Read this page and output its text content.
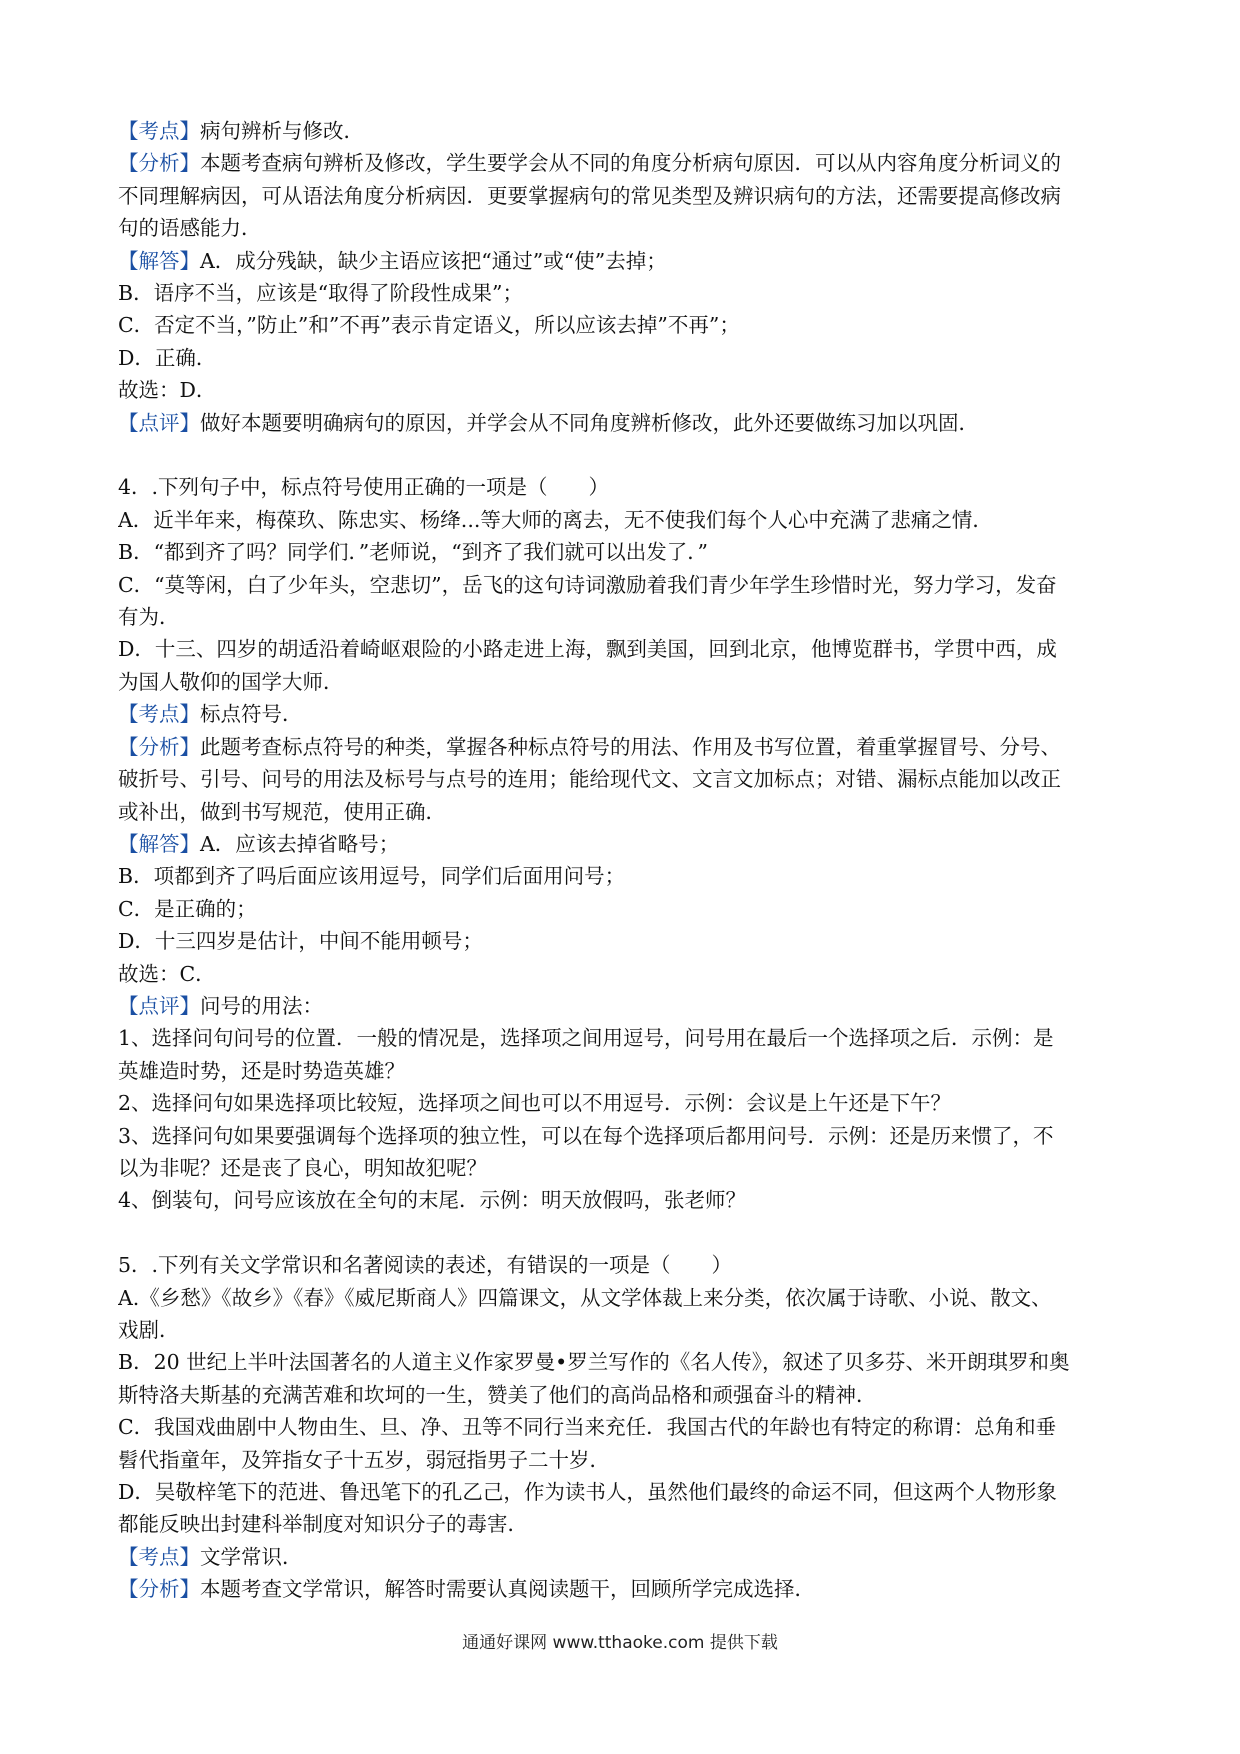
【考点】病句辨析与修改．
【分析】本题考查病句辨析及修改，学生要学会从不同的角度分析病句原因．可以从内容角度分析词义的
不同理解病因，可从语法角度分析病因．更要掌握病句的常见类型及辨识病句的方法，还需要提高修改病
句的语感能力．
【解答】A．成分残缺，缺少主语应该把“通过”或“使”去掉；
B．语序不当，应该是“取得了阶段性成果”；
C．否定不当，”防止”和”不再”表示肯定语义，所以应该去掉”不再”；
D．正确．
故选：D．
【点评】做好本题要明确病句的原因，并学会从不同角度辨析修改，此外还要做练习加以巩固．
4．.下列句子中，标点符号使用正确的一项是（　　）
A．近半年来，梅葆玖、陈忠实、杨绛...等大师的离去，无不使我们每个人心中充满了悲痛之情．
B．“都到齐了吗？同学们．”老师说，“到齐了我们就可以出发了．”
C．“莫等闲，白了少年头，空悲切”，岳飞的这句诗词激励着我们青少年学生珍惜时光，努力学习，发奋
有为．
D．十三、四岁的胡适沿着崎岖艰险的小路走进上海，飘到美国，回到北京，他博览群书，学贯中西，成
为国人敬仰的国学大师．
【考点】标点符号．
【分析】此题考查标点符号的种类，掌握各种标点符号的用法、作用及书写位置，着重掌握冒号、分号、
破折号、引号、问号的用法及标号与点号的连用；能给现代文、文言文加标点；对错、漏标点能加以改正
或补出，做到书写规范，使用正确．
【解答】A．应该去掉省略号；
B．项都到齐了吗后面应该用逗号，同学们后面用问号；
C．是正确的；
D．十三四岁是估计，中间不能用顿号；
故选：C．
【点评】问号的用法：
1、选择问句问号的位置．一般的情况是，选择项之间用逗号，问号用在最后一个选择项之后．示例：是
英雄造时势，还是时势造英雄？
2、选择问句如果选择项比较短，选择项之间也可以不用逗号．示例：会议是上午还是下午？
3、选择问句如果要强调每个选择项的独立性，可以在每个选择项后都用问号．示例：还是历来惯了，不
以为非呢？还是丧了良心，明知故犯呢？
4、倒装句，问号应该放在全句的末尾．示例：明天放假吗，张老师？
5．.下列有关文学常识和名著阅读的表述，有错误的一项是（　　）
A.《乡愁》《故乡》《春》《威尼斯商人》四篇课文，从文学体裁上来分类，依次属于诗歌、小说、散文、
戏剧．
B．20 世纪上半叶法国著名的人道主义作家罗曼•罗兰写作的《名人传》，叙述了贝多芬、米开朗琪罗和奥
斯特洛夫斯基的充满苦难和坎坷的一生，赞美了他们的高尚品格和顽强奋斗的精神．
C．我国戏曲剧中人物由生、旦、净、丑等不同行当来充任．我国古代的年龄也有特定的称谓：总角和垂
髫代指童年，及笄指女子十五岁，弱冠指男子二十岁．
D．吴敬梓笔下的范进、鲁迅笔下的孔乙己，作为读书人，虽然他们最终的命运不同，但这两个人物形象
都能反映出封建科举制度对知识分子的毒害．
【考点】文学常识．
【分析】本题考查文学常识，解答时需要认真阅读题干，回顾所学完成选择．
通通好课网 www.tthaoke.com 提供下载
